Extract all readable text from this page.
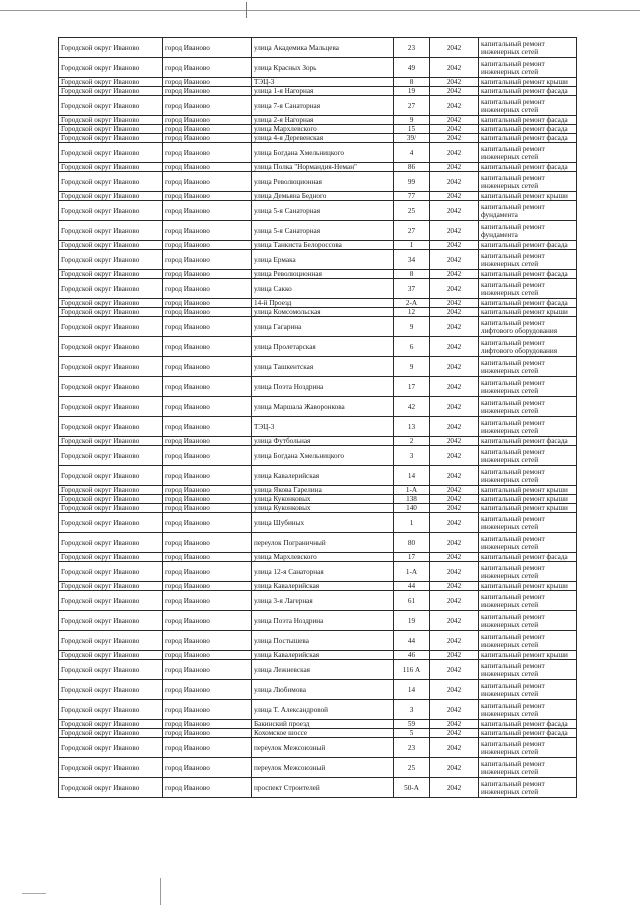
Городской округ Иваново	город Иваново	улица Академика Мальцева	23	2042	капитальный ремонт инженерных сетей
Городской округ Иваново	город Иваново	улица Красных Зорь	49	2042	капитальный ремонт инженерных сетей
Городской округ Иваново	город Иваново	ТЭЦ-3	8	2042	капитальный ремонт крыши
Городской округ Иваново	город Иваново	улица 1-я Нагорная	19	2042	капитальный ремонт фасада
Городской округ Иваново	город Иваново	улица 7-я Санаторная	27	2042	капитальный ремонт инженерных сетей
Городской округ Иваново	город Иваново	улица 2-я Нагорная	9	2042	капитальный ремонт фасада
Городской округ Иваново	город Иваново	улица Мархлевского	15	2042	капитальный ремонт фасада
Городской округ Иваново	город Иваново	улица 4-я Деревенская	39/	2042	капитальный ремонт фасада
Городской округ Иваново	город Иваново	улица Богдана Хмельницкого	4	2042	капитальный ремонт инженерных сетей
Городской округ Иваново	город Иваново	улица Полка "Нормандия-Неман"	86	2042	капитальный ремонт фасада
Городской округ Иваново	город Иваново	улица Революционная	99	2042	капитальный ремонт инженерных сетей
Городской округ Иваново	город Иваново	улица Демьяна Бедного	77	2042	капитальный ремонт крыши
Городской округ Иваново	город Иваново	улица 5-я Санаторная	25	2042	капитальный ремонт фундамента
Городской округ Иваново	город Иваново	улица 5-я Санаторная	27	2042	капитальный ремонт фундамента
Городской округ Иваново	город Иваново	улица Танкиста Белороссова	1	2042	капитальный ремонт фасада
Городской округ Иваново	город Иваново	улица Ермака	34	2042	капитальный ремонт инженерных сетей
Городской округ Иваново	город Иваново	улица Революционная	8	2042	капитальный ремонт фасада
Городской округ Иваново	город Иваново	улица Сакко	37	2042	капитальный ремонт инженерных сетей
Городской округ Иваново	город Иваново	14-й Проезд	2-А	2042	капитальный ремонт фасада
Городской округ Иваново	город Иваново	улица Комсомольская	12	2042	капитальный ремонт крыши
Городской округ Иваново	город Иваново	улица Гагарина	9	2042	капитальный ремонт лифтового оборудования
Городской округ Иваново	город Иваново	улица Пролетарская	6	2042	капитальный ремонт лифтового оборудования
Городской округ Иваново	город Иваново	улица Ташкентская	9	2042	капитальный ремонт инженерных сетей
Городской округ Иваново	город Иваново	улица Поэта Ноздрина	17	2042	капитальный ремонт инженерных сетей
Городской округ Иваново	город Иваново	улица Маршала Жаворонкова	42	2042	капитальный ремонт инженерных сетей
Городской округ Иваново	город Иваново	ТЭЦ-3	13	2042	капитальный ремонт инженерных сетей
Городской округ Иваново	город Иваново	улица Футбольная	2	2042	капитальный ремонт фасада
Городской округ Иваново	город Иваново	улица Богдана Хмельницкого	3	2042	капитальный ремонт инженерных сетей
Городской округ Иваново	город Иваново	улица Кавалерийская	14	2042	капитальный ремонт инженерных сетей
Городской округ Иваново	город Иваново	улица Якова Гарелина	1-А	2042	капитальный ремонт крыши
Городской округ Иваново	город Иваново	улица Куконковых	138	2042	капитальный ремонт крыши
Городской округ Иваново	город Иваново	улица Куконковых	140	2042	капитальный ремонт крыши
Городской округ Иваново	город Иваново	улица Шубиных	1	2042	капитальный ремонт инженерных сетей
Городской округ Иваново	город Иваново	переулок Пограничный	80	2042	капитальный ремонт инженерных сетей
Городской округ Иваново	город Иваново	улица Мархлевского	17	2042	капитальный ремонт фасада
Городской округ Иваново	город Иваново	улица 12-я Санаторная	1-А	2042	капитальный ремонт инженерных сетей
Городской округ Иваново	город Иваново	улица Кавалерийская	44	2042	капитальный ремонт крыши
Городской округ Иваново	город Иваново	улица 3-я Лагерная	61	2042	капитальный ремонт инженерных сетей
Городской округ Иваново	город Иваново	улица Поэта Ноздрина	19	2042	капитальный ремонт инженерных сетей
Городской округ Иваново	город Иваново	улица Постышева	44	2042	капитальный ремонт инженерных сетей
Городской округ Иваново	город Иваново	улица Кавалерийская	46	2042	капитальный ремонт крыши
Городской округ Иваново	город Иваново	улица Лежневская	116 А	2042	капитальный ремонт инженерных сетей
Городской округ Иваново	город Иваново	улица Любимова	14	2042	капитальный ремонт инженерных сетей
Городской округ Иваново	город Иваново	улица Т. Александровой	3	2042	капитальный ремонт инженерных сетей
Городской округ Иваново	город Иваново	Бакинский проезд	59	2042	капитальный ремонт фасада
Городской округ Иваново	город Иваново	Кохомское шоссе	5	2042	капитальный ремонт фасада
Городской округ Иваново	город Иваново	переулок Межсоюзный	23	2042	капитальный ремонт инженерных сетей
Городской округ Иваново	город Иваново	переулок Межсоюзный	25	2042	капитальный ремонт инженерных сетей
Городской округ Иваново	город Иваново	проспект Строителей	50-А	2042	капитальный ремонт инженерных сетей
